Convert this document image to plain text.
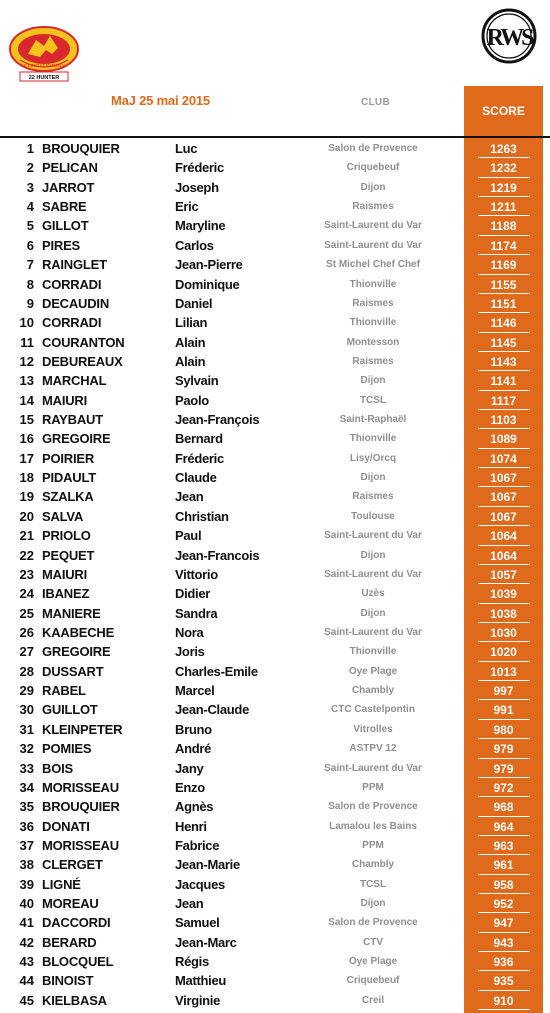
LE CIRCUIT NATIONAL
22 HUNTER
RWS
MaJ 25 mai 2015	CLUB
SCORE
1 BROUQUIER	Luc	Salon de Provence	1263
2 PELICAN	Fréderic	Criquebeuf	1232
3 JARROT	Joseph	Dijon	1219
4 SABRE	Eric	Raismes	1211
5 GILLOT	Maryline	Saint-Laurent du Var	1188
6 PIRES	Carlos	Saint-Laurent du Var	1174
7 RAINGLET	Jean-Pierre	St Michel Chef Chef	1169
8 CORRADI	Dominique	Thionville	1155
9 DECAUDIN	Daniel	Raismes	1151
10 CORRADI	Lilian	Thionville	1146
11 COURANTON	Alain	Montesson	1145
12 DEBUREAUX	Alain	Raismes	1143
13 MARCHAL	Sylvain	Dijon	1141
14 MAIURI	Paolo	TCSL	1117
15 RAYBAUT	Jean-François	Saint-Raphaël	1103
16 GREGOIRE	Bernard	Thionville	1089
17 POIRIER	Fréderic	Lisy/Orcq	1074
18 PIDAULT	Claude	Dijon	1067
19 SZALKA	Jean	Raismes	1067
20 SALVA	Christian	Toulouse	1067
21 PRIOLO	Paul	Saint-Laurent du Var	1064
22 PEQUET	Jean-Francois	Dijon	1064
23 MAIURI	Vittorio	Saint-Laurent du Var	1057
24 IBANEZ	Didier	Uzès	1039
25 MANIERE	Sandra	Dijon	1038
26 KAABECHE	Nora	Saint-Laurent du Var	1030
27 GREGOIRE	Joris	Thionville	1020
28 DUSSART	Charles-Emile	Oye Plage	1013
29 RABEL	Marcel	Chambly	997
30 GUILLOT	Jean-Claude	CTC Castelpontin	991
31 KLEINPETER	Bruno	Vitrolles	980
32 POMIES	André	ASTPV 12	979
33 BOIS	Jany	Saint-Laurent du Var	979
34 MORISSEAU	Enzo	PPM	972
35 BROUQUIER	Agnès	Salon de Provence	968
36 DONATI	Henri	Lamalou les Bains	964
37 MORISSEAU	Fabrice	PPM	963
38 CLERGET	Jean-Marie	Chambly	961
39 LIGNÉ	Jacques	TCSL	958
40 MOREAU	Jean	Dijon	952
41 DACCORDI	Samuel	Salon de Provence	947
42 BERARD	Jean-Marc	CTV	943
43 BLOCQUEL	Régis	Oye Plage	936
44 BINOIST	Matthieu	Criquebeuf	935
45 KIELBASA	Virginie	Creil	910
